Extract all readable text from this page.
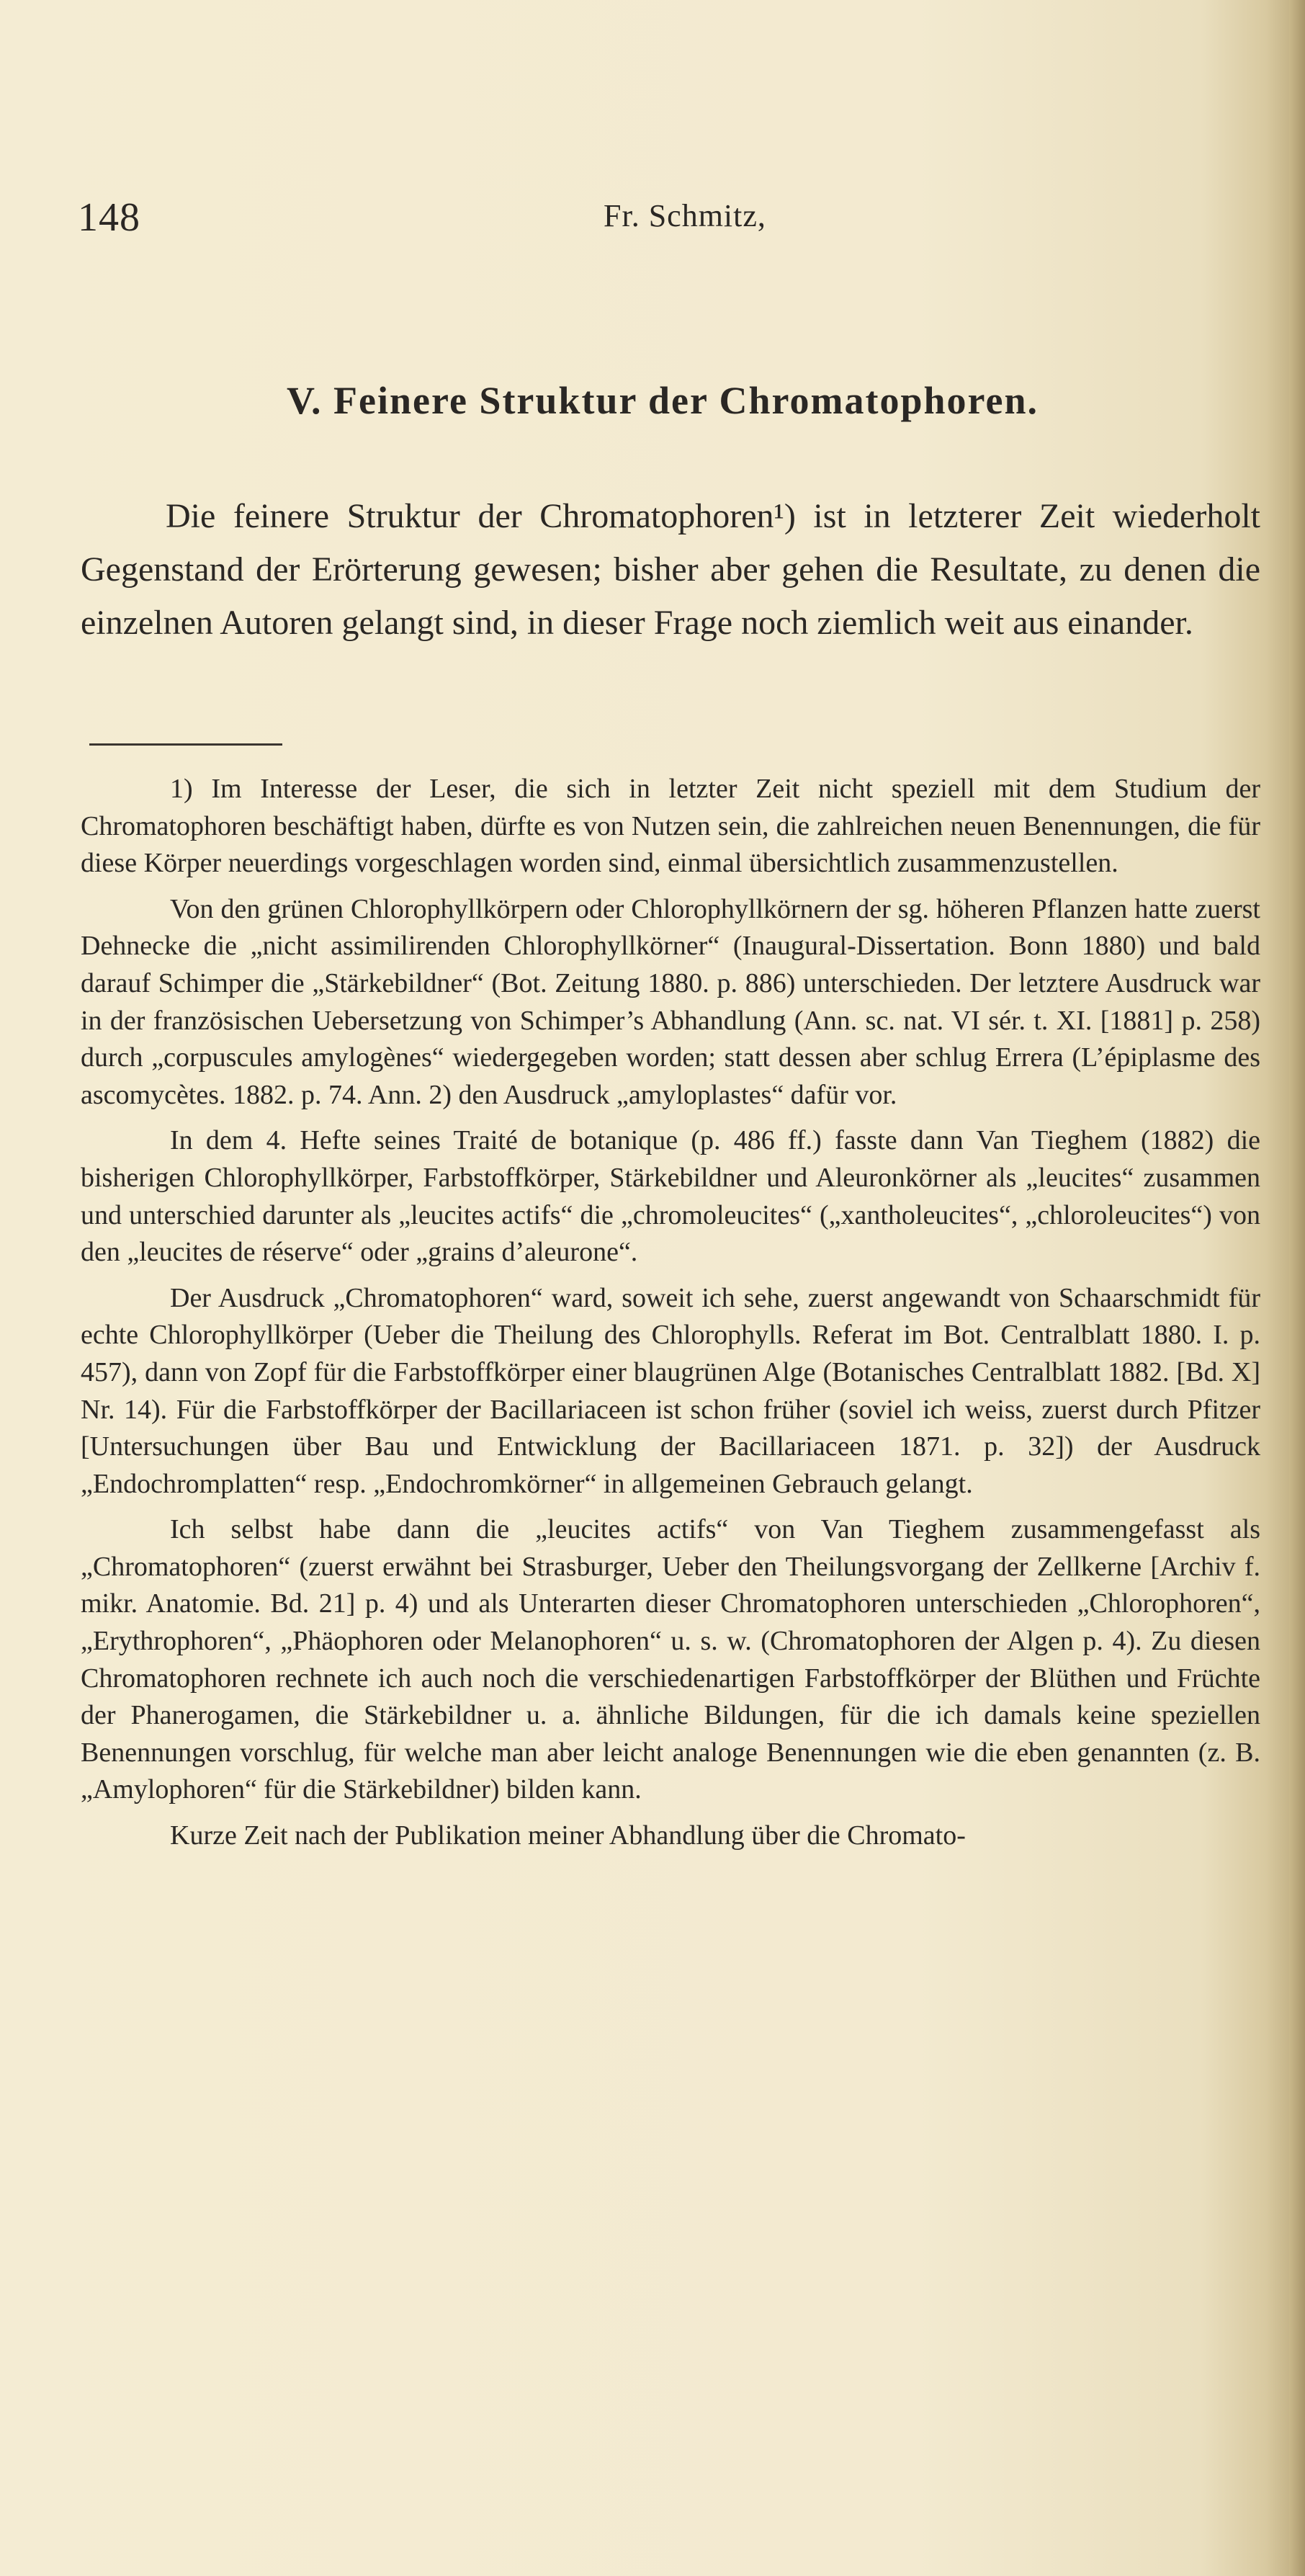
148	Fr. Schmitz,
V. Feinere Struktur der Chromatophoren.

Die feinere Struktur der Chromatophoren¹) ist in letzterer Zeit wiederholt Gegenstand der Erörterung gewesen; bisher aber gehen die Resultate, zu denen die einzelnen Autoren gelangt sind, in dieser Frage noch ziemlich weit aus einander.

1) Im Interesse der Leser, die sich in letzter Zeit nicht speziell mit dem Studium der Chromatophoren beschäftigt haben, dürfte es von Nutzen sein, die zahlreichen neuen Benennungen, die für diese Körper neuerdings vorgeschlagen worden sind, einmal übersichtlich zusammenzustellen.

Von den grünen Chlorophyllkörpern oder Chlorophyllkörnern der sg. höheren Pflanzen hatte zuerst Dehnecke die „nicht assimilirenden Chlorophyllkörner“ (Inaugural-Dissertation. Bonn 1880) und bald darauf Schimper die „Stärkebildner“ (Bot. Zeitung 1880. p. 886) unterschieden. Der letztere Ausdruck war in der französischen Uebersetzung von Schimper’s Abhandlung (Ann. sc. nat. VI sér. t. XI. [1881] p. 258) durch „corpuscules amylogènes“ wiedergegeben worden; statt dessen aber schlug Errera (L’épiplasme des ascomycètes. 1882. p. 74. Ann. 2) den Ausdruck „amyloplastes“ dafür vor.

In dem 4. Hefte seines Traité de botanique (p. 486 ff.) fasste dann Van Tieghem (1882) die bisherigen Chlorophyllkörper, Farbstoffkörper, Stärkebildner und Aleuronkörner als „leucites“ zusammen und unterschied darunter als „leucites actifs“ die „chromoleucites“ („xantholeucites“, „chloroleucites“) von den „leucites de réserve“ oder „grains d’aleurone“.

Der Ausdruck „Chromatophoren“ ward, soweit ich sehe, zuerst angewandt von Schaarschmidt für echte Chlorophyllkörper (Ueber die Theilung des Chlorophylls. Referat im Bot. Centralblatt 1880. I. p. 457), dann von Zopf für die Farbstoffkörper einer blaugrünen Alge (Botanisches Centralblatt 1882. [Bd. X] Nr. 14). Für die Farbstoffkörper der Bacillariaceen ist schon früher (soviel ich weiss, zuerst durch Pfitzer [Untersuchungen über Bau und Entwicklung der Bacillariaceen 1871. p. 32]) der Ausdruck „Endochromplatten“ resp. „Endochromkörner“ in allgemeinen Gebrauch gelangt.

Ich selbst habe dann die „leucites actifs“ von Van Tieghem zusammengefasst als „Chromatophoren“ (zuerst erwähnt bei Strasburger, Ueber den Theilungsvorgang der Zellkerne [Archiv f. mikr. Anatomie. Bd. 21] p. 4) und als Unterarten dieser Chromatophoren unterschieden „Chlorophoren“, „Erythrophoren“, „Phäophoren oder Melanophoren“ u. s. w. (Chromatophoren der Algen p. 4). Zu diesen Chromatophoren rechnete ich auch noch die verschiedenartigen Farbstoffkörper der Blüthen und Früchte der Phanerogamen, die Stärkebildner u. a. ähnliche Bildungen, für die ich damals keine speziellen Benennungen vorschlug, für welche man aber leicht analoge Benennungen wie die eben genannten (z. B. „Amylophoren“ für die Stärkebildner) bilden kann.

Kurze Zeit nach der Publikation meiner Abhandlung über die Chromato-
